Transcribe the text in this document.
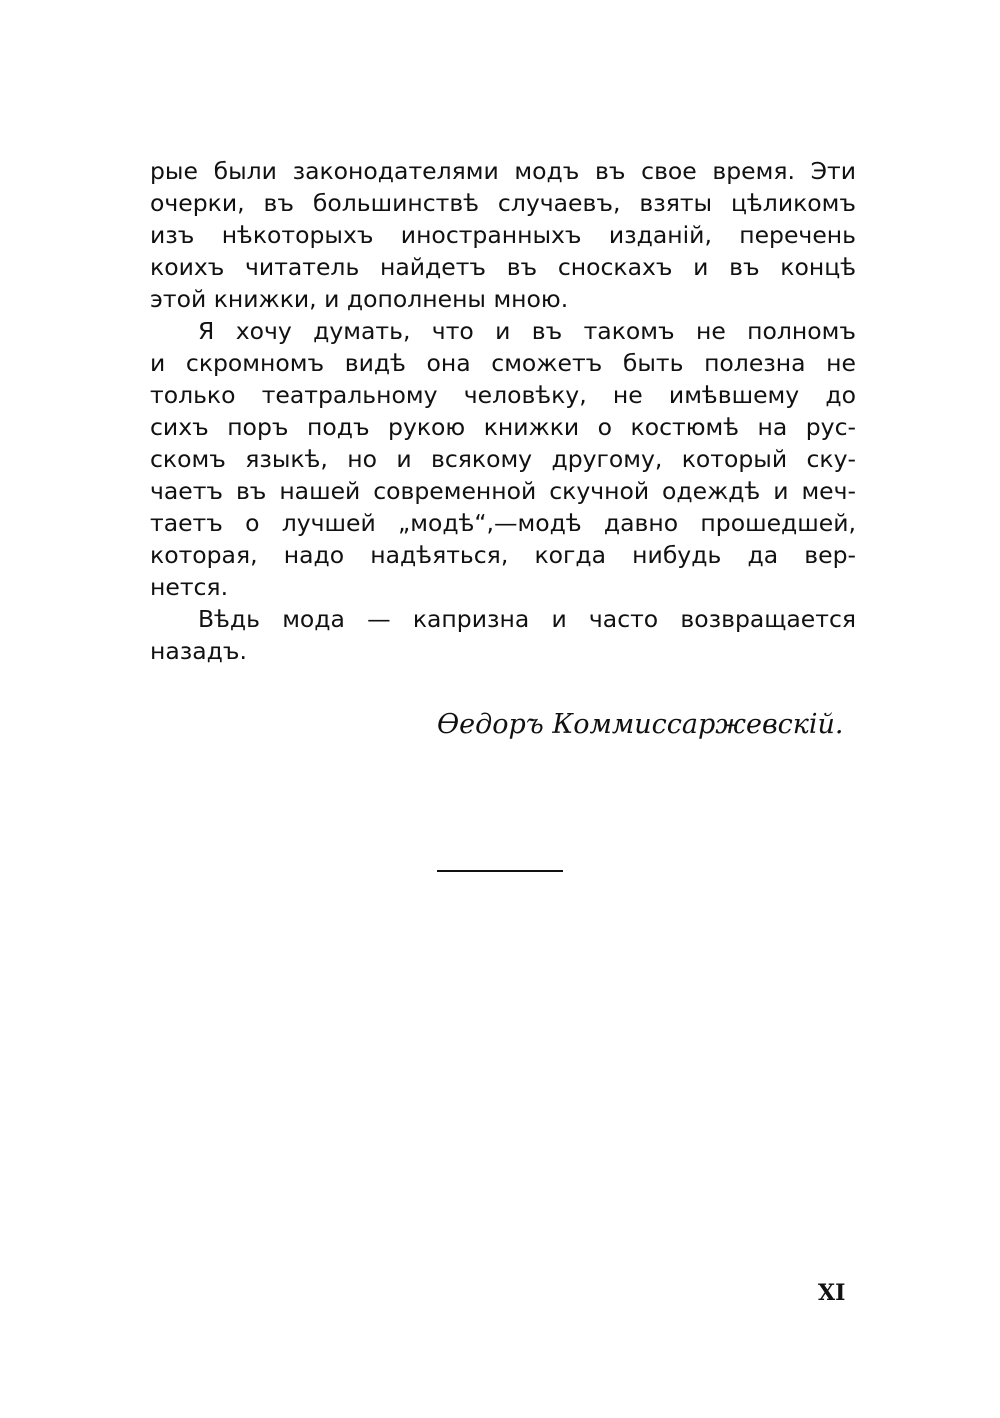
рые были законодателями модъ въ свое время. Эти
очерки, въ большинствѣ случаевъ, взяты цѣликомъ
изъ нѣкоторыхъ иностранныхъ изданій, перечень
коихъ читатель найдетъ въ сноскахъ и въ концѣ
этой книжки, и дополнены мною.
Я хочу думать, что и въ такомъ не полномъ
и скромномъ видѣ она сможетъ быть полезна не
только театральному человѣку, не имѣвшему до
сихъ поръ подъ рукою книжки о костюмѣ на рус-
скомъ языкѣ, но и всякому другому, который ску-
чаетъ въ нашей современной скучной одеждѣ и меч-
таетъ о лучшей „модѣ“,—модѣ давно прошедшей,
которая, надо надѣяться, когда нибудь да вер-
нется.
Вѣдь мода — капризна и часто возвращается
назадъ.
Ѳедоръ Коммиссаржевскій.
XI
